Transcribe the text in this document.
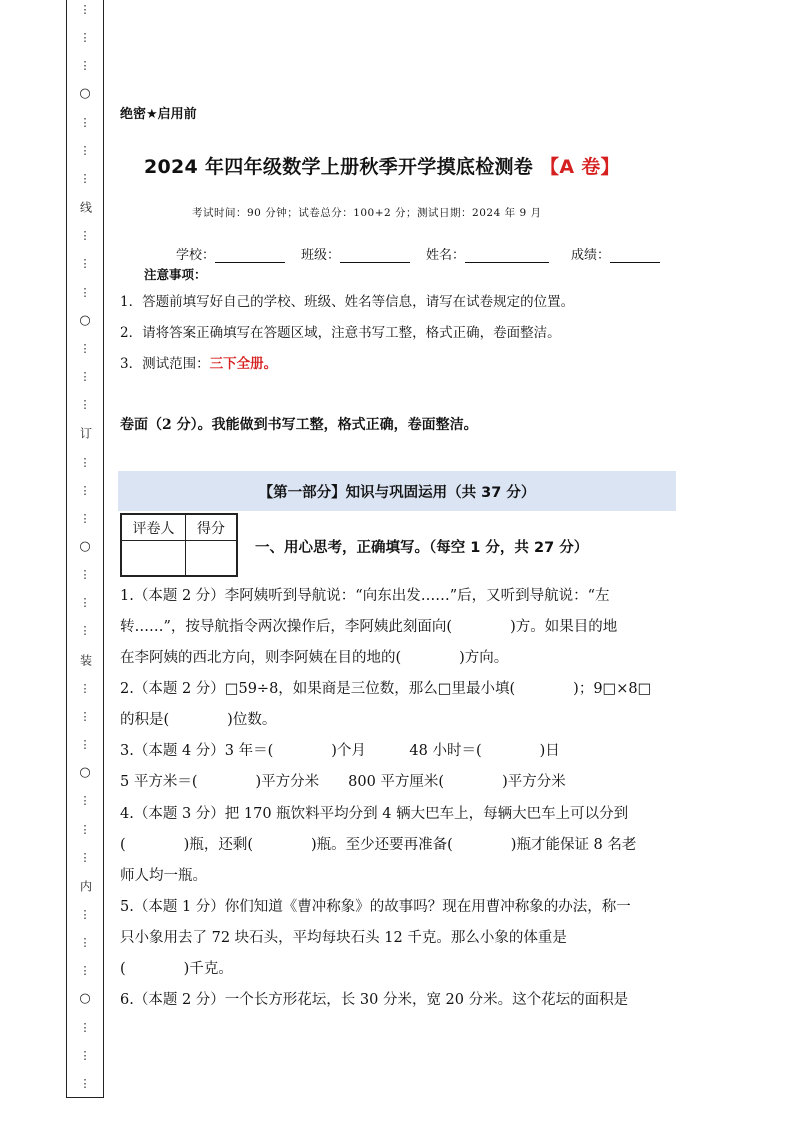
⋮
⋮
⋮
○
⋮
⋮
⋮
线
⋮
⋮
⋮
○
⋮
⋮
⋮
订
⋮
⋮
⋮
○
⋮
⋮
⋮
装
⋮
⋮
⋮
○
⋮
⋮
⋮
内
⋮
⋮
⋮
○
⋮
⋮
⋮
绝密★启用前
2024 年四年级数学上册秋季开学摸底检测卷 【A 卷】
考试时间：90 分钟；试卷总分：100+2 分；测试日期：2024 年 9 月
学校：	班级：	姓名：	成绩：
注意事项：
1．答题前填写好自己的学校、班级、姓名等信息，请写在试卷规定的位置。
2．请将答案正确填写在答题区域，注意书写工整，格式正确，卷面整洁。
3．测试范围：三下全册。
卷面（2 分）。我能做到书写工整，格式正确，卷面整洁。
【第一部分】知识与巩固运用（共 37 分）
评卷人	得分
一、用心思考，正确填写。（每空 1 分，共 27 分）
1.（本题 2 分）李阿姨听到导航说：“向东出发……”后，又听到导航说：“左
转……”，按导航指令两次操作后，李阿姨此刻面向(　　　　)方。如果目的地
在李阿姨的西北方向，则李阿姨在目的地的(　　　　)方向。
2.（本题 2 分）□59÷8，如果商是三位数，那么□里最小填(　　　　)；9□×8□
的积是(　　　　)位数。
3.（本题 4 分）3 年＝(　　　　)个月　　　48 小时＝(　　　　)日
5 平方米＝(　　　　)平方分米　　800 平方厘米(　　　　)平方分米
4.（本题 3 分）把 170 瓶饮料平均分到 4 辆大巴车上，每辆大巴车上可以分到
(　　　　)瓶，还剩(　　　　)瓶。至少还要再准备(　　　　)瓶才能保证 8 名老
师人均一瓶。
5.（本题 1 分）你们知道《曹冲称象》的故事吗？现在用曹冲称象的办法，称一
只小象用去了 72 块石头，平均每块石头 12 千克。那么小象的体重是
(　　　　)千克。
6.（本题 2 分）一个长方形花坛，长 30 分米，宽 20 分米。这个花坛的面积是
